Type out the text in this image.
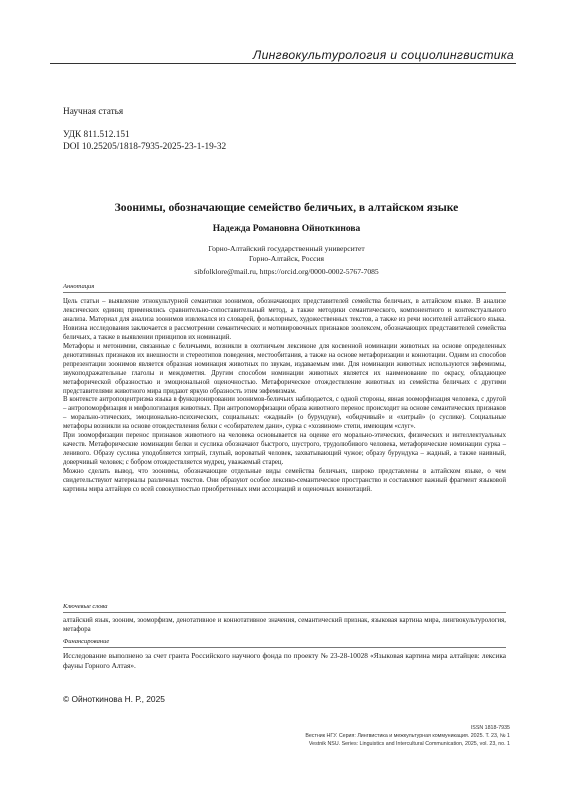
Лингвокультурология и социолингвистика
Научная статья
УДК 811.512.151
DOI 10.25205/1818-7935-2025-23-1-19-32
Зоонимы, обозначающие семейство беличьих, в алтайском языке
Надежда Романовна Ойноткинова
Горно-Алтайский государственный университет
Горно-Алтайск, Россия
sibfolklore@mail.ru, https://orcid.org/0000-0002-5767-7085
Аннотация

Цель статьи – выявление этнокультурной семантики зоонимов, обозначающих представителей семейства беличьих, в алтайском языке. В анализе лексических единиц применялись сравнительно-сопоставительный метод, а также методики семантического, компонентного и контекстуального анализа. Материал для анализа зоонимов извлекался из словарей, фольклорных, художественных текстов, а также из речи носителей алтайского языка. Новизна исследования заключается в рассмотрении семантических и мотивировочных признаков зоолексем, обозначающих представителей семейства беличьих, а также в выявлении принципов их номинаций.

Метафоры и метонимии, связанные с беличьими, возникли в охотничьем лексиконе для косвенной номинации животных на основе определенных денотативных признаков их внешности и стереотипов поведения, местообитания, а также на основе метафоризации и коннотации. Одним из способов репрезентации зоонимов является образная номинация животных по звукам, издаваемым ими. Для номинации животных используются эвфемизмы, звукоподражательные глаголы и междометия. Другим способом номинации животных является их наименование по окрасу, обладающее метафорической образностью и эмоциональной оценочностью. Метафорическое отождествление животных из семейства беличьих с другими представителями животного мира придают яркую образность этим эвфемизмам.

В контексте антропоцентризма языка в функционировании зоонимов-беличьих наблюдается, с одной стороны, явная зооморфизация человека, с другой – антропоморфизация и мифологизация животных. При антропоморфизации образа животного перенос происходит на основе семантических признаков – морально-этических, эмоционально-психических, социальных: «жадный» (о бурундуке), «обидчивый» и «хитрый» (о суслике). Социальные метафоры возникли на основе отождествления белки с «собирателем дани», сурка с «хозяином» степи, имеющим «слуг».

При зооморфизации перенос признаков животного на человека основывается на оценке его морально-этических, физических и интеллектуальных качеств. Метафорические номинации белки и суслика обозначают быстрого, шустрого, трудолюбивого человека, метафорические номинации сурка – ленивого. Образу суслика уподобляется хитрый, глупый, вороватый человек, захватывающий чужое; образу бурундука – жадный, а также наивный, доверчивый человек; с бобром отождествляется мудрец, уважаемый старец.

Можно сделать вывод, что зоонимы, обозначающие отдельные виды семейства беличьих, широко представлены в алтайском языке, о чем свидетельствуют материалы различных текстов. Они образуют особое лексико-семантическое пространство и составляют важный фрагмент языковой картины мира алтайцев со всей совокупностью приобретенных ими ассоциаций и оценочных коннотаций.

Ключевые слова
алтайский язык, зооним, зооморфизм, денотативное и коннотативное значения, семантический признак, языковая картина мира, лингвокультурология, метафора
Финансирование
Исследование выполнено за счет гранта Российского научного фонда по проекту № 23-28-10028 «Языковая картина мира алтайцев: лексика фауны Горного Алтая».
© Ойноткинова Н. Р., 2025
ISSN 1818-7935
Вестник НГУ. Серия: Лингвистика и межкультурная коммуникация. 2025. Т. 23, № 1
Vestnik NSU. Series: Linguistics and Intercultural Communication, 2025, vol. 23, no. 1
